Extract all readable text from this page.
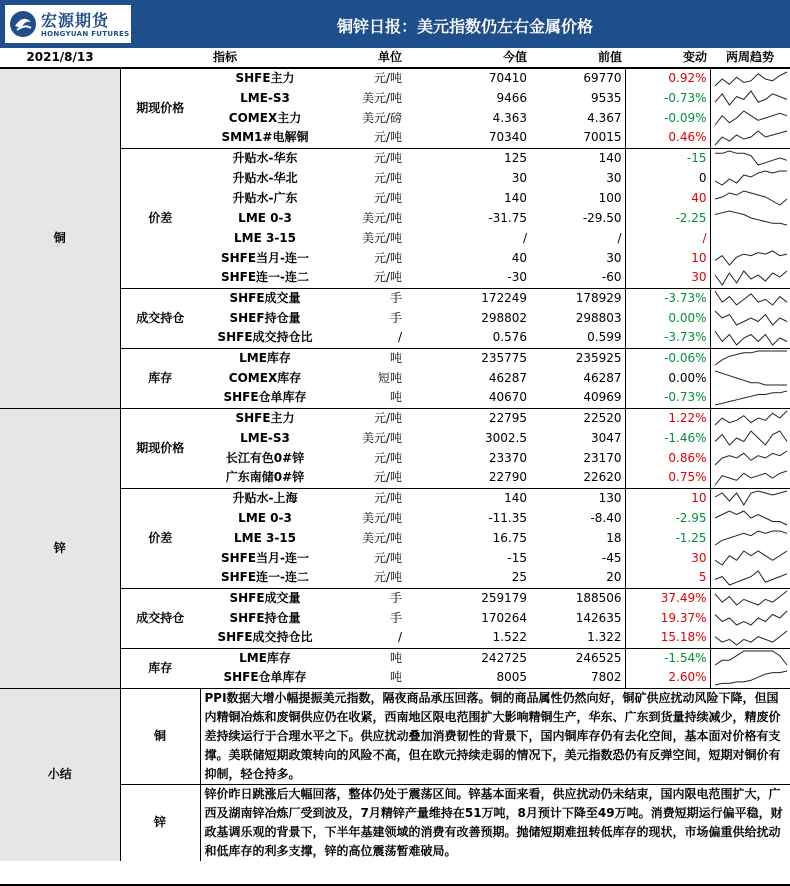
宏源期货
HONGYUAN FUTURES	铜锌日报：美元指数仍左右金属价格
2021/8/13	指标		单位	今值	前值	变动	两周趋势
铜	期现价格	SHFE主力	元/吨	70410	69770	0.92%	

		LME-S3	美元/吨	9466	9535	-0.73%	

		COMEX主力	美元/磅	4.363	4.367	-0.09%	

		SMM1#电解铜	元/吨	70340	70015	0.46%	

	价差	升贴水-华东	元/吨	125	140	-15	

		升贴水-华北	元/吨	30	30	0	

		升贴水-广东	元/吨	140	100	40	

		LME 0-3	美元/吨	-31.75	-29.50	-2.25	

		LME 3-15	美元/吨	/	/	/	
		SHFE当月-连一	元/吨	40	30	10	

		SHFE连一-连二	元/吨	-30	-60	30	

	成交持仓	SHFE成交量	手	172249	178929	-3.73%	

		SHEF持仓量	手	298802	298803	0.00%	

		SHFE成交持仓比	/	0.576	0.599	-3.73%	

	库存	LME库存	吨	235775	235925	-0.06%	

		COMEX库存	短吨	46287	46287	0.00%	

		SHFE仓单库存	吨	40670	40969	-0.73%	

锌	期现价格	SHFE主力	元/吨	22795	22520	1.22%	

		LME-S3	美元/吨	3002.5	3047	-1.46%	

		长江有色0#锌	元/吨	23370	23170	0.86%	

		广东南储0#锌	元/吨	22790	22620	0.75%	

	价差	升贴水-上海	元/吨	140	130	10	

		LME 0-3	美元/吨	-11.35	-8.40	-2.95	

		LME 3-15	美元/吨	16.75	18	-1.25	

		SHFE当月-连一	元/吨	-15	-45	30	

		SHFE连一-连二	元/吨	25	20	5	

	成交持仓	SHFE成交量	手	259179	188506	37.49%	

		SHFE持仓量	手	170264	142635	19.37%	

		SHFE成交持仓比	/	1.522	1.322	15.18%	

	库存	LME库存	吨	242725	246525	-1.54%	

		SHFE仓单库存	吨	8005	7802	2.60%	

小结	铜	PPI数据大增小幅提振美元指数，隔夜商品承压回落。铜的商品属性仍然向好，铜矿供应扰动风险下降，但国内精铜冶炼和废铜供应仍在收紧，西南地区限电范围扩大影响精铜生产，华东、广东到货量持续减少，精废价差持续运行于合理水平之下。供应扰动叠加消费韧性的背景下，国内铜库存仍有去化空间，基本面对价格有支撑。美联储短期政策转向的风险不高，但在欧元持续走弱的情况下，美元指数恐仍有反弹空间，短期对铜价有抑制，轻仓持多。					
	锌	锌价昨日跳涨后大幅回落，整体仍处于震荡区间。锌基本面来看，供应扰动仍未结束，国内限电范围扩大，广西及湖南锌冶炼厂受到波及，7月精锌产量维持在51万吨，8月预计下降至49万吨。消费短期运行偏平稳，财政基调乐观的背景下，下半年基建领域的消费有改善预期。抛储短期难扭转低库存的现状，市场偏重供给扰动和低库存的利多支撑，锌的高位震荡暂难破局。					
